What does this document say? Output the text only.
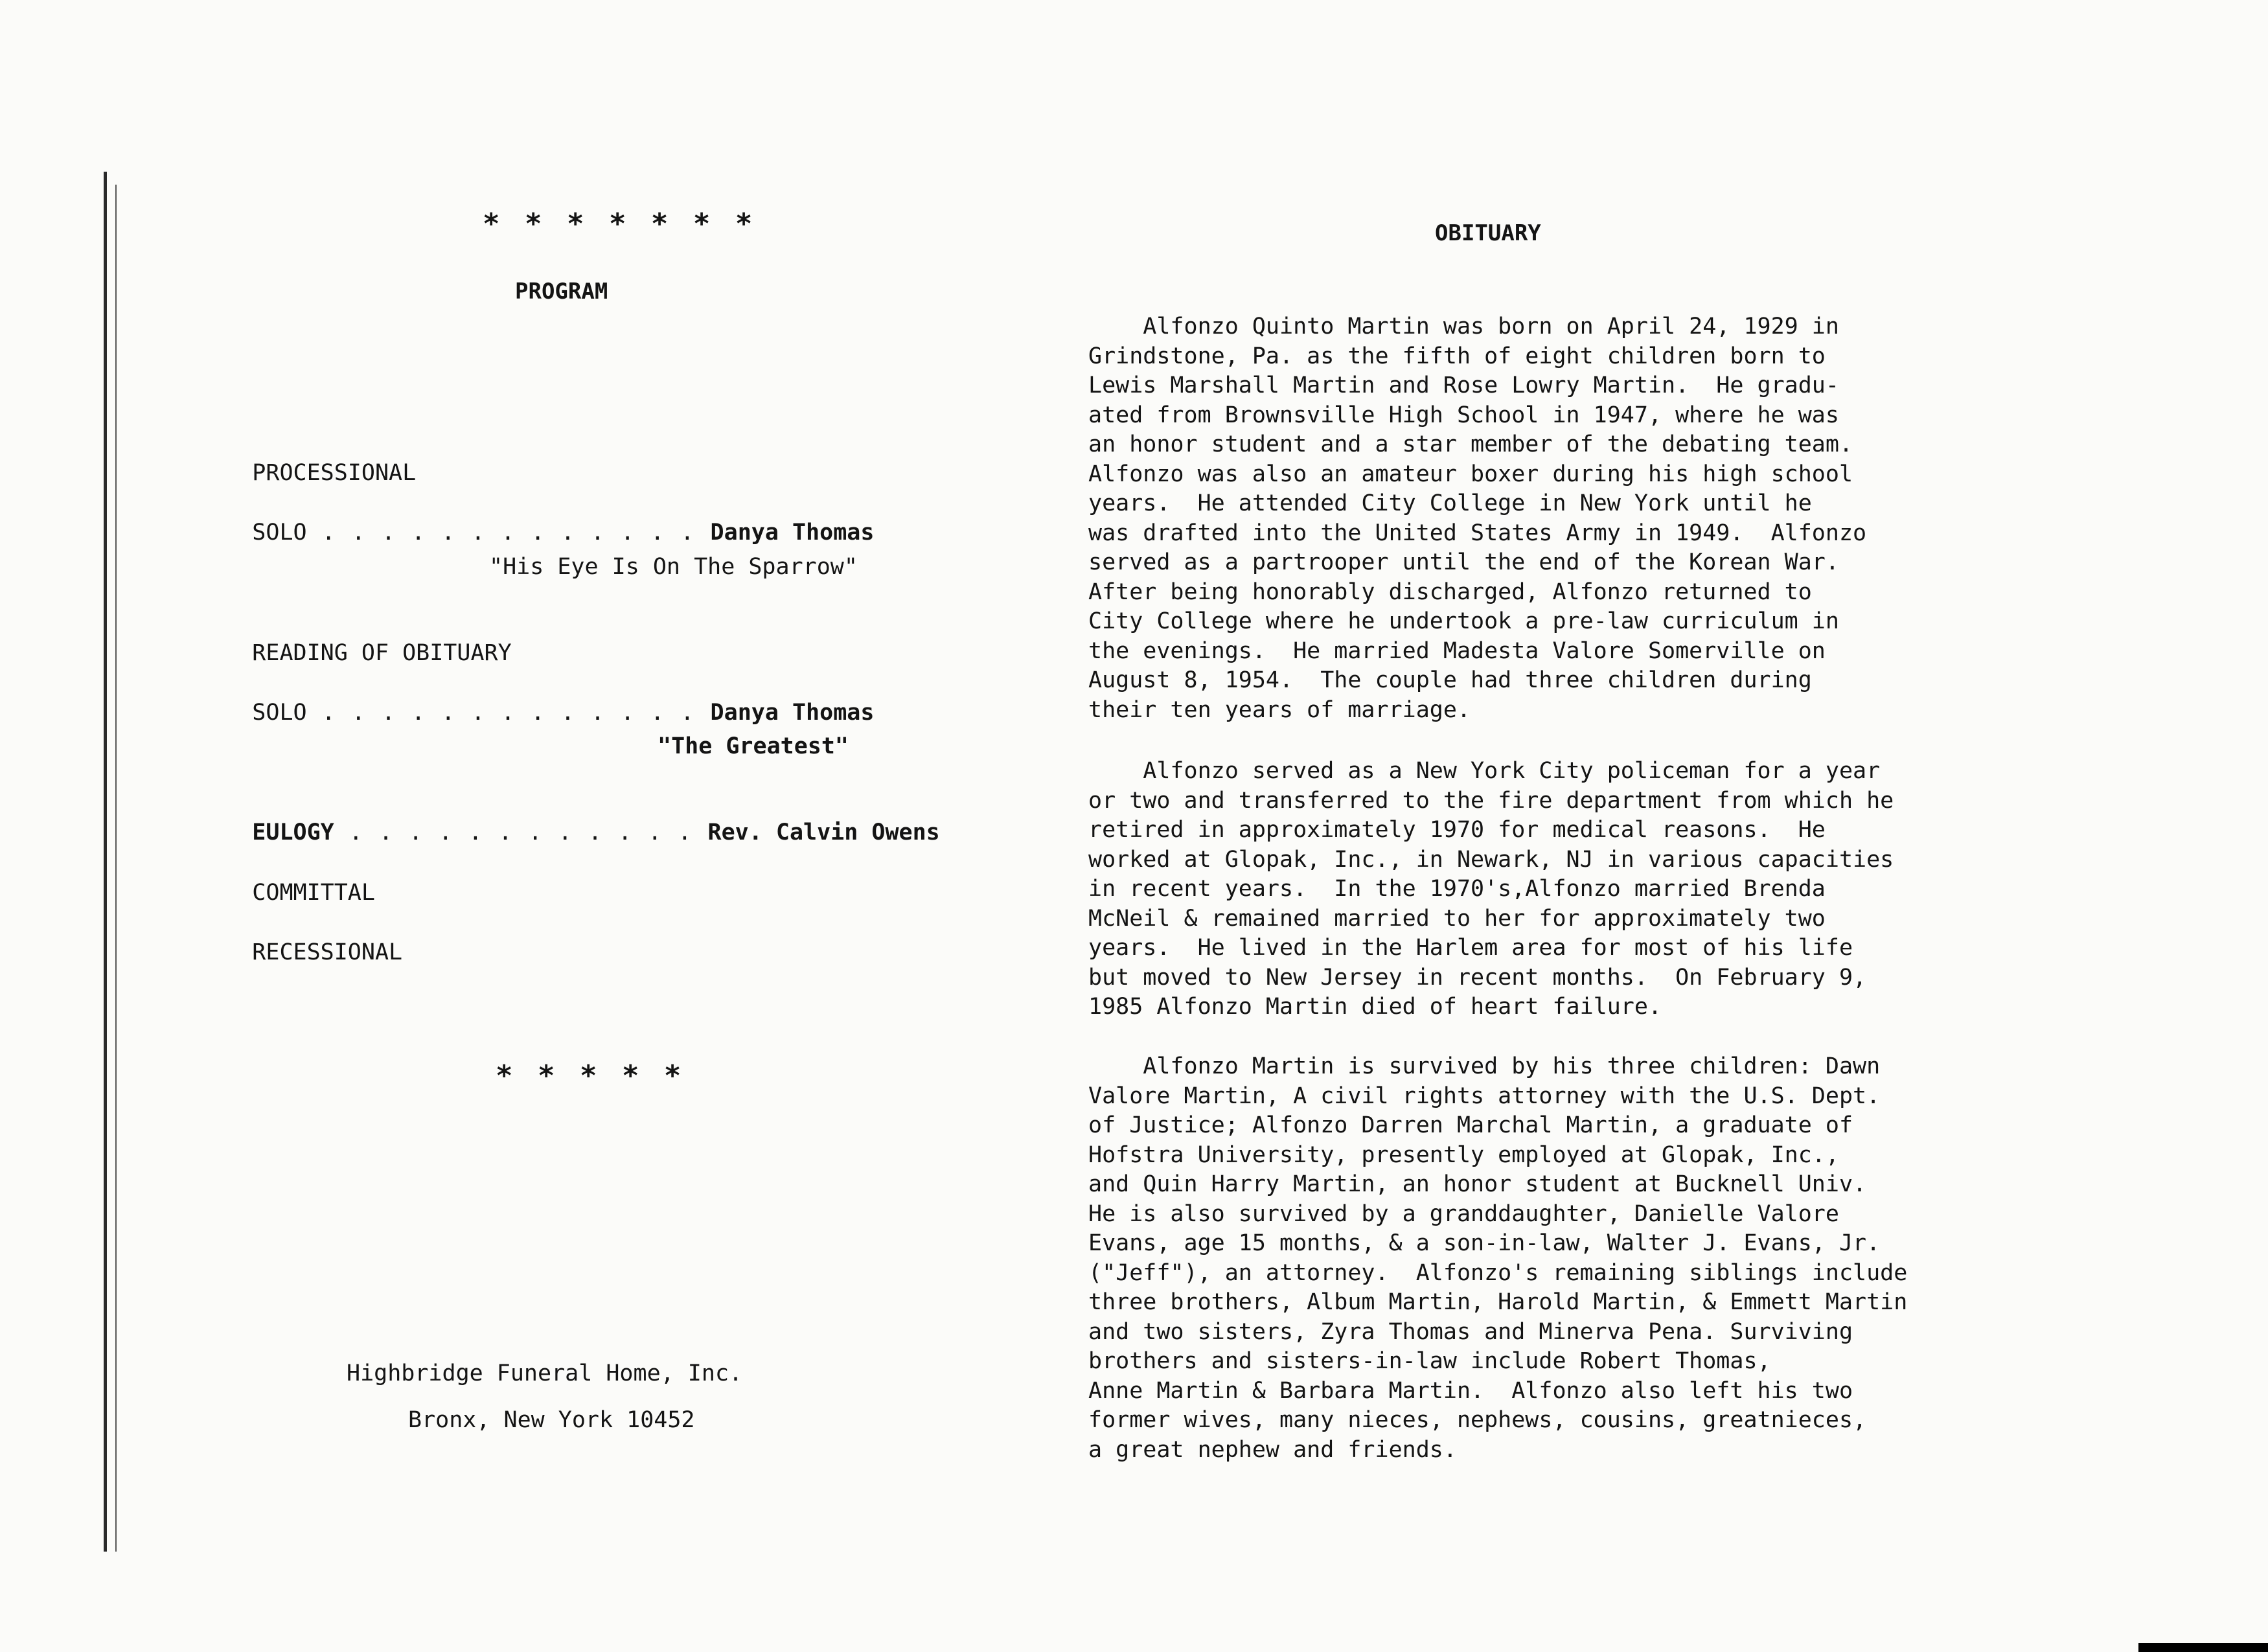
* * * * * * *
PROGRAM

PROCESSIONAL

SOLO . . . . . . . . . . . . . Danya Thomas

"His Eye Is On The Sparrow"

READING OF OBITUARY

SOLO . . . . . . . . . . . . . Danya Thomas

"The Greatest"

EULOGY . . . . . . . . . . . . Rev. Calvin Owens

COMMITTAL

RECESSIONAL

* * * * *
Highbridge Funeral Home, Inc.
Bronx, New York 10452
OBITUARY

Alfonzo Quinto Martin was born on April 24, 1929 in
Grindstone, Pa. as the fifth of eight children born to
Lewis Marshall Martin and Rose Lowry Martin.  He gradu-
ated from Brownsville High School in 1947, where he was
an honor student and a star member of the debating team.
Alfonzo was also an amateur boxer during his high school
years.  He attended City College in New York until he
was drafted into the United States Army in 1949.  Alfonzo
served as a partrooper until the end of the Korean War.
After being honorably discharged, Alfonzo returned to
City College where he undertook a pre-law curriculum in
the evenings.  He married Madesta Valore Somerville on
August 8, 1954.  The couple had three children during
their ten years of marriage.

Alfonzo served as a New York City policeman for a year
or two and transferred to the fire department from which he
retired in approximately 1970 for medical reasons.  He
worked at Glopak, Inc., in Newark, NJ in various capacities
in recent years.  In the 1970's,Alfonzo married Brenda
McNeil & remained married to her for approximately two
years.  He lived in the Harlem area for most of his life
but moved to New Jersey in recent months.  On February 9,
1985 Alfonzo Martin died of heart failure.

Alfonzo Martin is survived by his three children: Dawn
Valore Martin, A civil rights attorney with the U.S. Dept.
of Justice; Alfonzo Darren Marchal Martin, a graduate of
Hofstra University, presently employed at Glopak, Inc.,
and Quin Harry Martin, an honor student at Bucknell Univ.
He is also survived by a granddaughter, Danielle Valore
Evans, age 15 months, & a son-in-law, Walter J. Evans, Jr.
("Jeff"), an attorney.  Alfonzo's remaining siblings include
three brothers, Album Martin, Harold Martin, & Emmett Martin
and two sisters, Zyra Thomas and Minerva Pena. Surviving
brothers and sisters-in-law include Robert Thomas,
Anne Martin & Barbara Martin.  Alfonzo also left his two
former wives, many nieces, nephews, cousins, greatnieces,
a great nephew and friends.
